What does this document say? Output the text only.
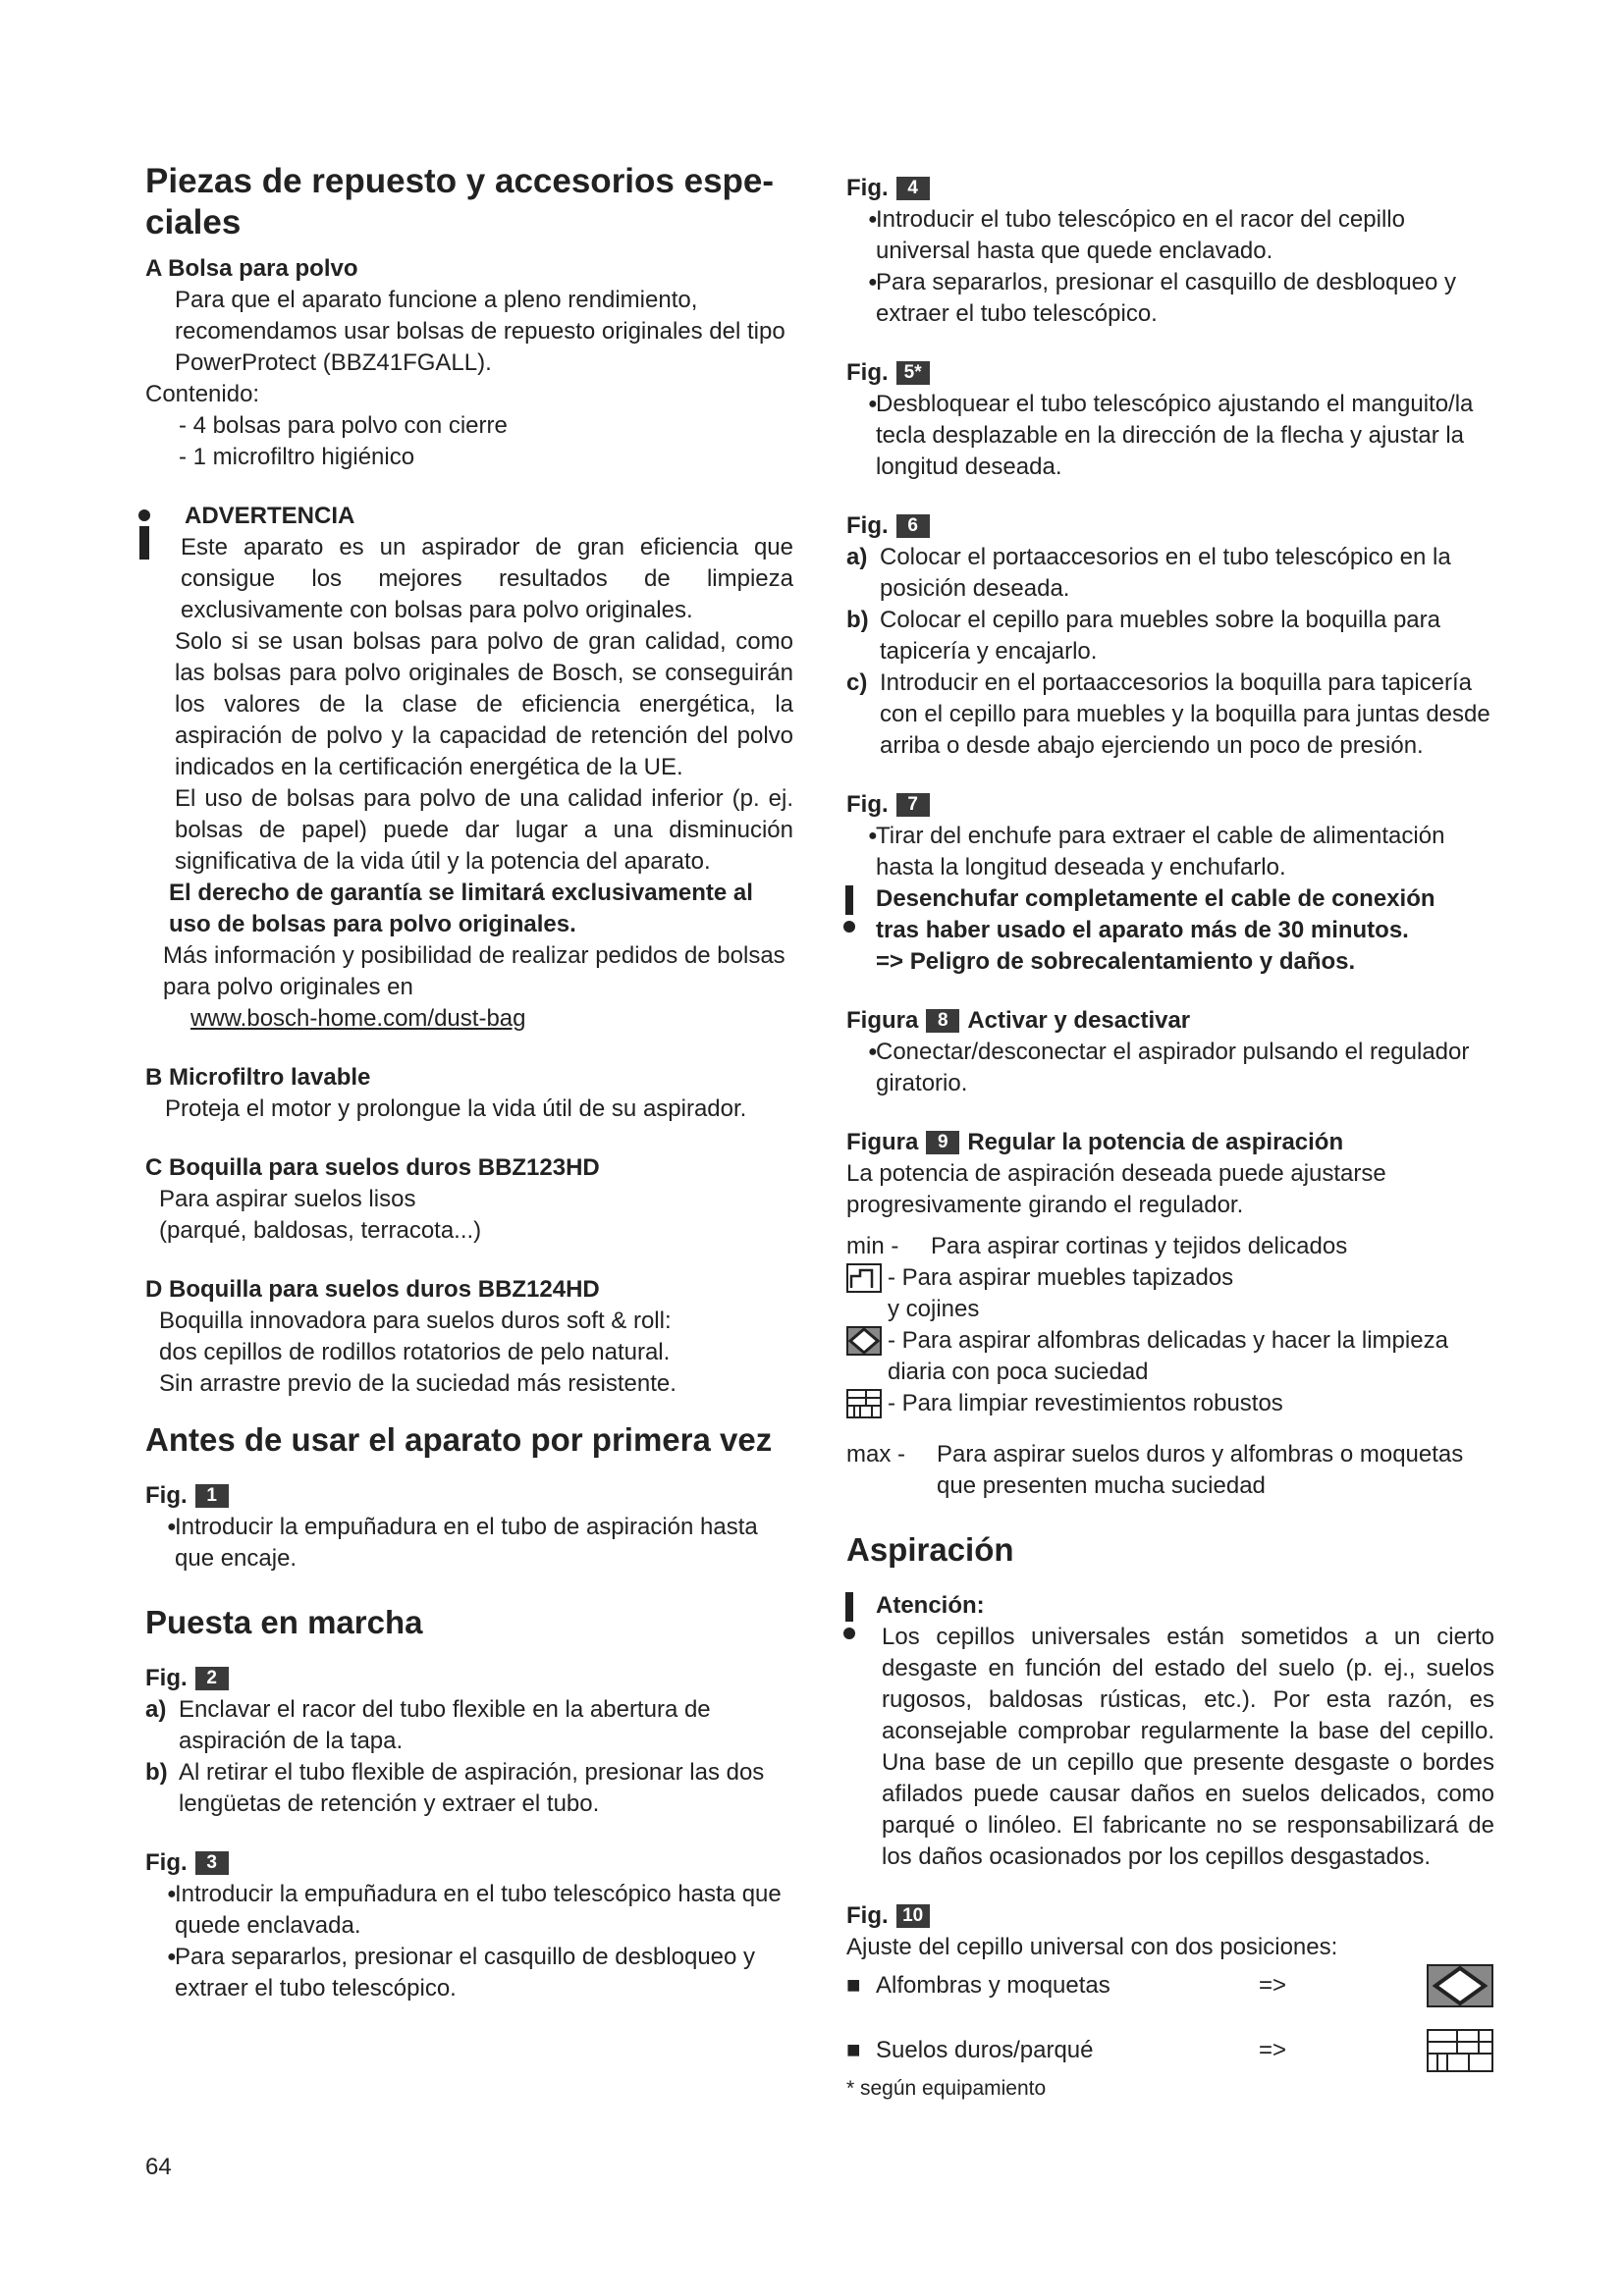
Piezas de repuesto y accesorios espe-
ciales

A Bolsa para polvo

Para que el aparato funcione a pleno rendimiento, recomendamos usar bolsas de repuesto originales del tipo PowerProtect (BBZ41FGALL).

Contenido:

- 4 bolsas para polvo con cierre

- 1 microfiltro higiénico

ADVERTENCIA

Este aparato es un aspirador de gran eficiencia que consigue los mejores resultados de limpieza exclusivamente con bolsas para polvo originales.

Solo si se usan bolsas para polvo de gran calidad, como las bolsas para polvo originales de Bosch, se conseguirán los valores de la clase de eficiencia energética, la aspiración de polvo y la capacidad de retención del polvo indicados en la certificación energética de la UE.

El uso de bolsas para polvo de una calidad inferior (p. ej. bolsas de papel) puede dar lugar a una disminución significativa de la vida útil y la potencia del aparato.

El derecho de garantía se limitará exclusivamente al uso de bolsas para polvo originales.

Más información y posibilidad de realizar pedidos de bolsas para polvo originales en

www.bosch-home.com/dust-bag

B Microfiltro lavable

Proteja el motor y prolongue la vida útil de su aspirador.

C Boquilla para suelos duros BBZ123HD

Para aspirar suelos lisos

(parqué, baldosas, terracota...)

D Boquilla para suelos duros BBZ124HD

Boquilla innovadora para suelos duros soft & roll:

dos cepillos de rodillos rotatorios de pelo natural.

Sin arrastre previo de la suciedad más resistente.

Antes de usar el aparato por primera vez

Fig.	1

●
Introducir la empuñadura en el tubo de aspiración hasta que encaje.

Puesta en marcha

Fig.	2

a) Enclavar el racor del tubo flexible en la abertura de aspiración de la tapa.

b) Al retirar el tubo flexible de aspiración, presionar las dos lengüetas de retención y extraer el tubo.

Fig.	3

●
Introducir la empuñadura en el tubo telescópico hasta que quede enclavada.

●
Para separarlos, presionar el casquillo de desbloqueo y extraer el tubo telescópico.

64

Fig.	4

●
Introducir el tubo telescópico en el racor del cepillo universal hasta que quede enclavado.

●
Para separarlos, presionar el casquillo de desbloqueo y extraer el tubo telescópico.

Fig. 5*

●
Desbloquear el tubo telescópico ajustando el manguito/la tecla desplazable en la dirección de la flecha y ajustar la longitud deseada.

Fig.	6

a) Colocar el portaaccesorios en el tubo telescópico en la posición deseada.

b) Colocar el cepillo para muebles sobre la boquilla para tapicería y encajarlo.

c) Introducir en el portaaccesorios la boquilla para tapicería con el cepillo para muebles y la boquilla para juntas desde arriba o desde abajo ejerciendo un poco de presión.

Fig.	7

●
Tirar del enchufe para extraer el cable de alimentación hasta la longitud deseada y enchufarlo.

Desenchufar completamente el cable de conexión

tras haber usado el aparato más de 30 minutos.

=> Peligro de sobrecalentamiento y daños.

Figura	8 Activar y desactivar

●
Conectar/desconectar el aspirador pulsando el regulador giratorio.

Figura	9 Regular la potencia de aspiración

La potencia de aspiración deseada puede ajustarse progresivamente girando el regulador.

min -	Para aspirar cortinas y tejidos delicados
- Para aspirar muebles tapizados
y cojines
- Para aspirar alfombras delicadas y hacer la limpieza diaria con poca suciedad
- Para limpiar revestimientos robustos
max -	Para aspirar suelos duros y alfombras o moquetas que presenten mucha suciedad
Aspiración

Atención:

Los cepillos universales están sometidos a un cierto desgaste en función del estado del suelo (p. ej., suelos rugosos, baldosas rústicas, etc.). Por esta razón, es aconsejable comprobar regularmente la base del cepillo. Una base de un cepillo que presente desgaste o bordes afilados puede causar daños en suelos delicados, como parqué o linóleo. El fabricante no se responsabilizará de los daños ocasionados por los cepillos desgastados.

Fig. 10

Ajuste del cepillo universal con dos posiciones:

■ Alfombras y moquetas	=>
■ Suelos duros/parqué	=>

* según equipamiento
